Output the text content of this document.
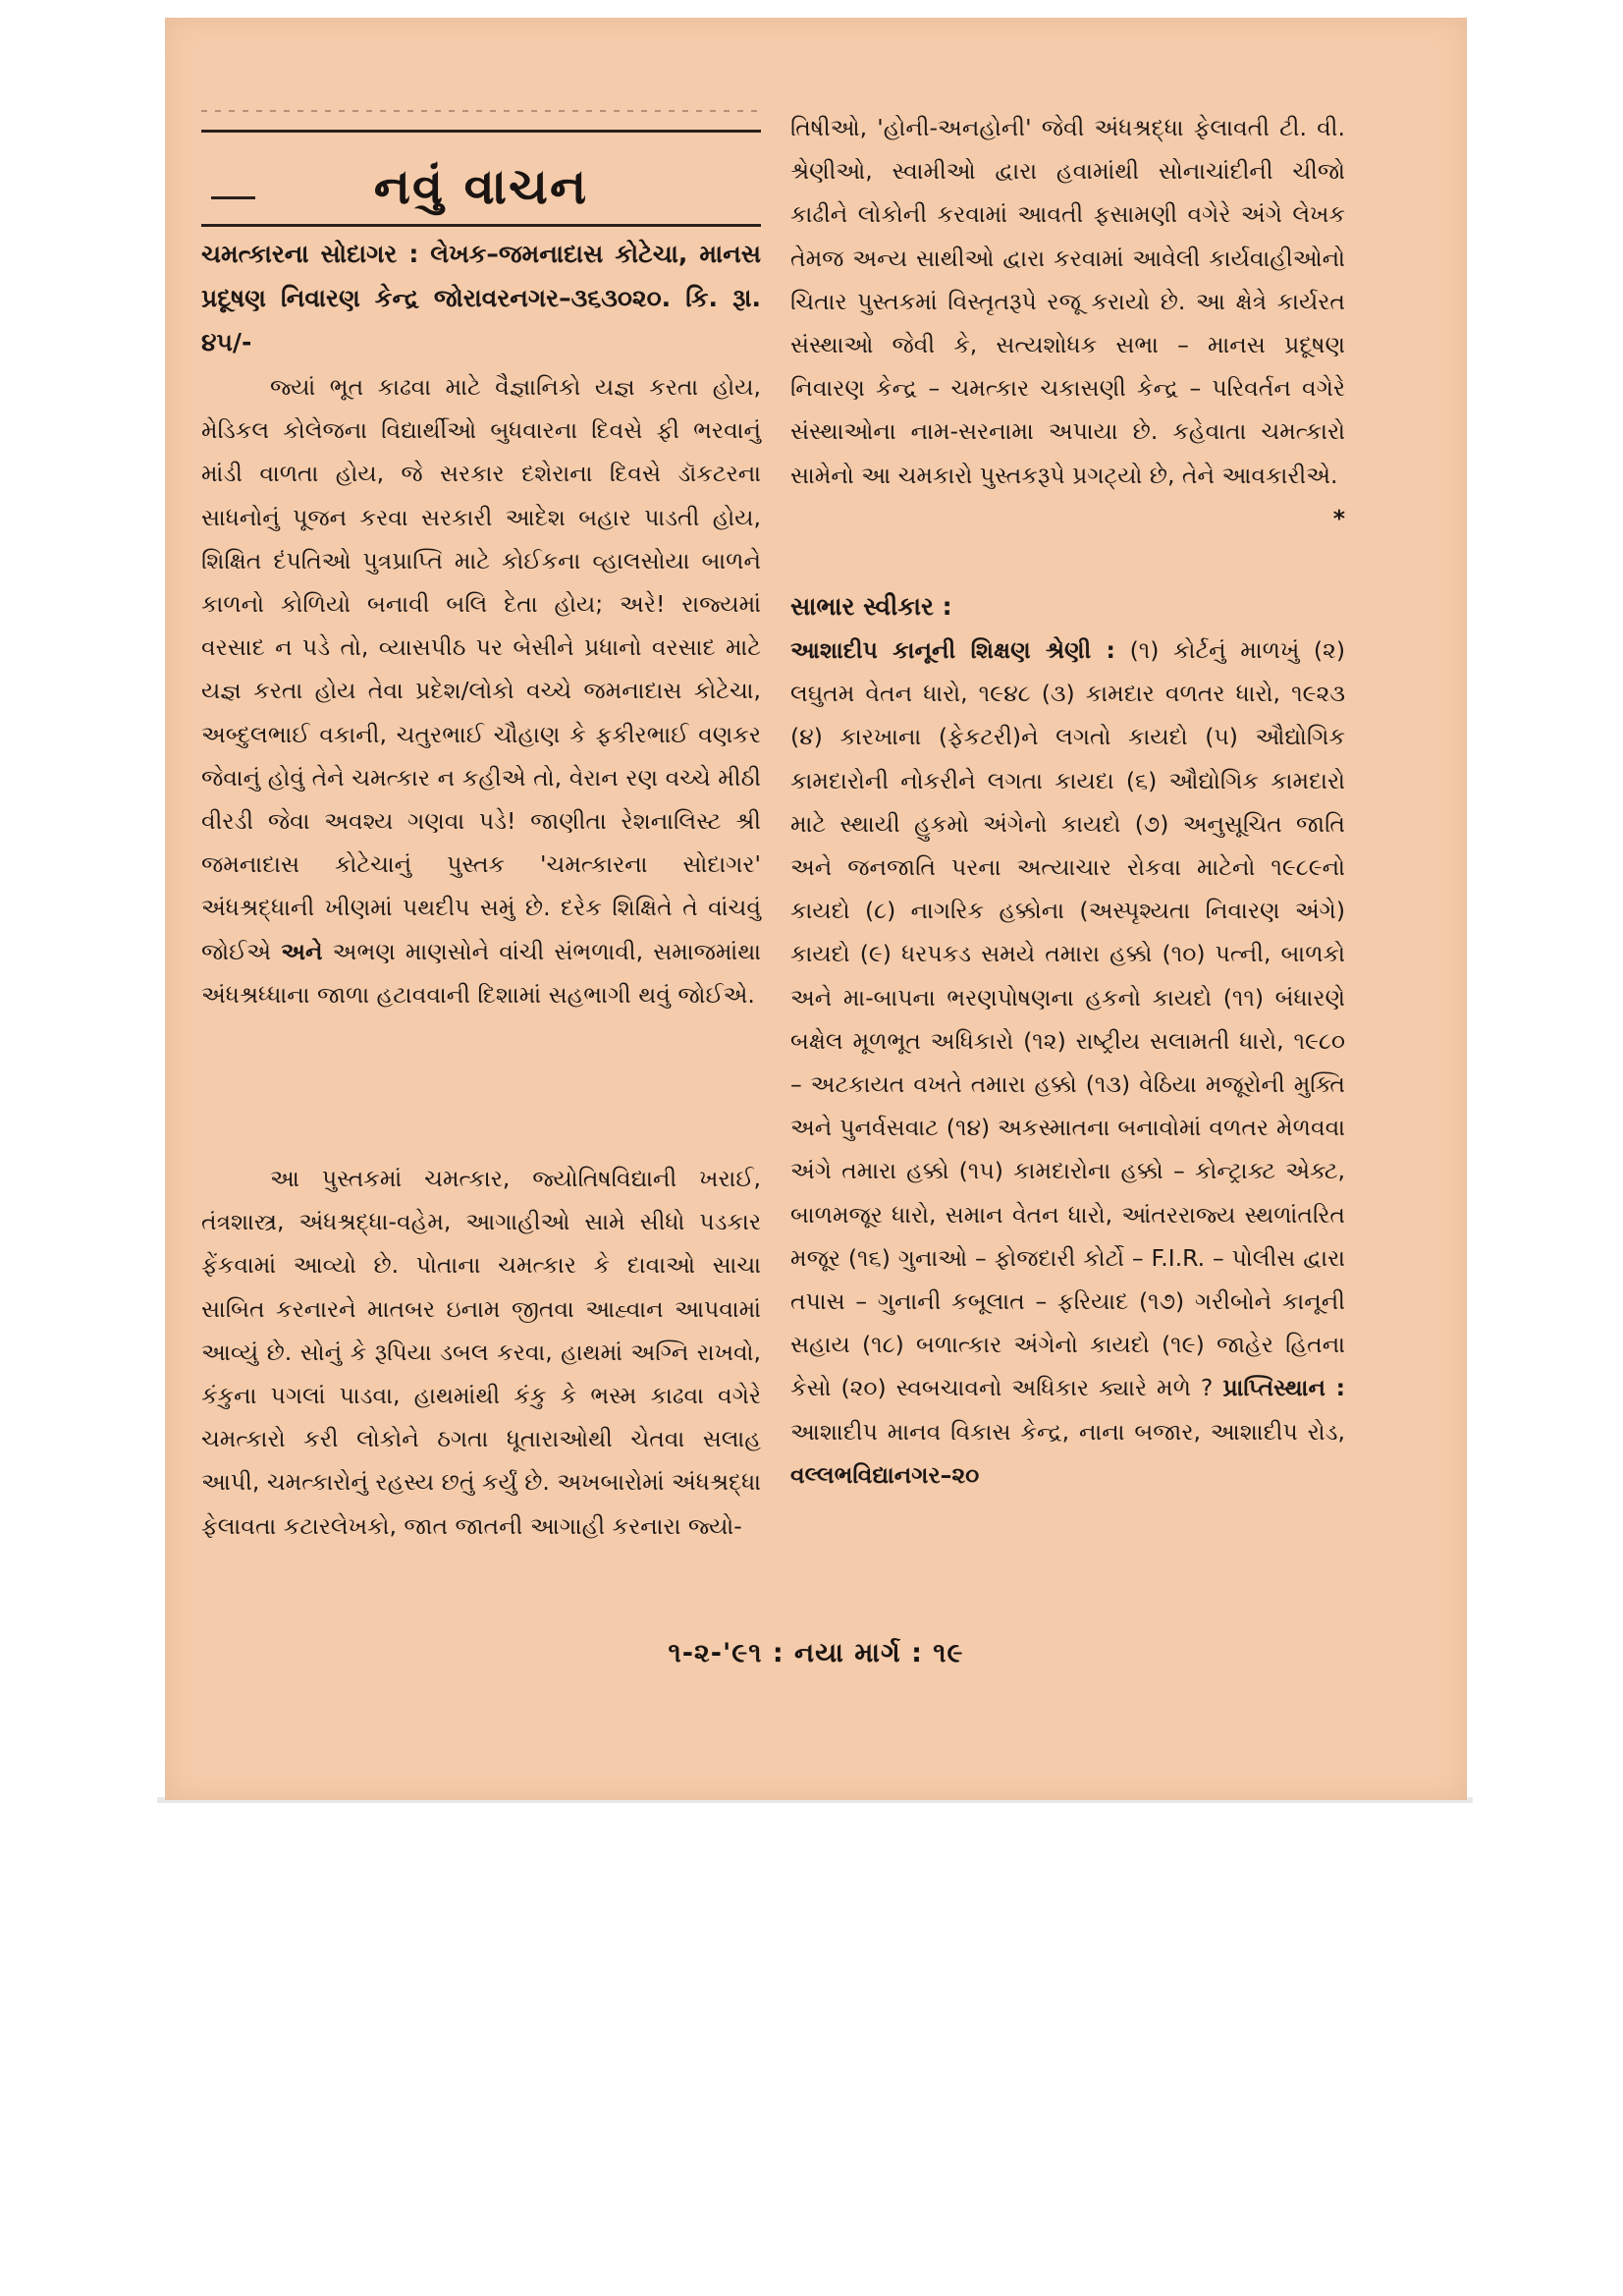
નવું વાચન
ચમત્કારના સોદાગર : લેખક–જમનાદાસ કોટેચા, માનસ પ્રદૂષણ નિવારણ કેન્દ્ર જોરાવરનગર–૩૬૩૦૨૦. કિ. રૂા. ૪૫/-
જ્યાં ભૂત કાઢવા માટે વૈજ્ઞાનિકો યજ્ઞ કરતા હોય, મેડિકલ કોલેજના વિદ્યાર્થીઓ બુધવારના દિવસે ફી ભરવાનું માંડી વાળતા હોય, જે સરકાર દશેરાના દિવસે ડૉકટરના સાધનોનું પૂજન કરવા સરકારી આદેશ બહાર પાડતી હોય, શિક્ષિત દંપતિઓ પુત્રપ્રાપ્તિ માટે કોઈકના વ્હાલસોયા બાળને કાળનો કોળિયો બનાવી બલિ દેતા હોય; અરે! રાજ્યમાં વરસાદ ન પડે તો, વ્યાસપીઠ પર બેસીને પ્રધાનો વરસાદ માટે યજ્ઞ કરતા હોય તેવા પ્રદેશ/લોકો વચ્ચે જમનાદાસ કોટેચા, અબ્દુલભાઈ વકાની, ચતુરભાઈ ચૌહાણ કે ફકીરભાઈ વણકર જેવાનું હોવું તેને ચમત્કાર ન કહીએ તો, વેરાન રણ વચ્ચે મીઠી વીરડી જેવા અવશ્ય ગણવા પડે! જાણીતા રેશનાલિસ્ટ શ્રી જમનાદાસ કોટેચાનું પુસ્તક 'ચમત્કારના સોદાગર' અંધશ્રદ્ધાની ખીણમાં પથદીપ સમું છે. દરેક શિક્ષિતે તે વાંચવું જોઈએ અને અભણ માણસોને વાંચી સંભળાવી, સમાજમાંથા અંધશ્રધ્ધાના જાળા હટાવવાની દિશામાં સહભાગી થવું જોઈએ.
આ પુસ્તકમાં ચમત્કાર, જ્યોતિષવિદ્યાની ખરાઈ, તંત્રશાસ્ત્ર, અંધશ્રદ્ધા-વહેમ, આગાહીઓ સામે સીધો પડકાર ફેંકવામાં આવ્યો છે. પોતાના ચમત્કાર કે દાવાઓ સાચા સાબિત કરનારને માતબર ઇનામ જીતવા આહ્વાન આપવામાં આવ્યું છે. સોનું કે રૂપિયા ડબલ કરવા, હાથમાં અગ્નિ રાખવો, કંકુના પગલાં પાડવા, હાથમાંથી કંકુ કે ભસ્મ કાઢવા વગેરે ચમત્કારો કરી લોકોને ઠગતા ધૂતારાઓથી ચેતવા સલાહ આપી, ચમત્કારોનું રહસ્ય છતું કર્યું છે. અખબારોમાં અંધશ્રદ્ધા ફેલાવતા કટારલેખકો, જાત જાતની આગાહી કરનારા જ્યો-
તિષીઓ, 'હોની-અનહોની' જેવી અંધશ્રદ્ધા ફેલાવતી ટી. વી. શ્રેણીઓ, સ્વામીઓ દ્વારા હવામાંથી સોનાચાંદીની ચીજો કાઢીને લોકોની કરવામાં આવતી ફસામણી વગેરે અંગે લેખક તેમજ અન્ય સાથીઓ દ્વારા કરવામાં આવેલી કાર્યવાહીઓનો ચિતાર પુસ્તકમાં વિસ્તૃતરૂપે રજૂ કરાયો છે. આ ક્ષેત્રે કાર્યરત સંસ્થાઓ જેવી કે, સત્યશોધક સભા – માનસ પ્રદૂષણ નિવારણ કેન્દ્ર – ચમત્કાર ચકાસણી કેન્દ્ર – પરિવર્તન વગેરે સંસ્થાઓના નામ-સરનામા અપાયા છે. કહેવાતા ચમત્કારો સામેનો આ ચમકારો પુસ્તકરૂપે પ્રગટ્યો છે, તેને આવકારીએ.
*
સાભાર સ્વીકાર :
આશાદીપ કાનૂની શિક્ષણ શ્રેણી : (૧) કોર્ટનું માળખું (૨) લઘુતમ વેતન ધારો, ૧૯૪૮ (૩) કામદાર વળતર ધારો, ૧૯૨૩ (૪) કારખાના (ફેકટરી)ને લગતો કાયદો (૫) ઔદ્યોગિક કામદારોની નોકરીને લગતા કાયદા (૬) ઔદ્યોગિક કામદારો માટે સ્થાયી હુકમો અંગેનો કાયદો (૭) અનુસૂચિત જાતિ અને જનજાતિ પરના અત્યાચાર રોકવા માટેનો ૧૯૮૯નો કાયદો (૮) નાગરિક હક્કોના (અસ્પૃશ્યતા નિવારણ અંગે) કાયદો (૯) ધરપકડ સમયે તમારા હક્કો (૧૦) પત્ની, બાળકો અને મા-બાપના ભરણપોષણના હકનો કાયદો (૧૧) બંધારણે બક્ષેલ મૂળભૂત અધિકારો (૧૨) રાષ્ટ્રીય સલામતી ધારો, ૧૯૮૦ – અટકાયત વખતે તમારા હક્કો (૧૩) વેઠિયા મજૂરોની મુક્તિ અને પુનર્વસવાટ (૧૪) અકસ્માતના બનાવોમાં વળતર મેળવવા અંગે તમારા હક્કો (૧૫) કામદારોના હક્કો – કોન્ટ્રાક્ટ એક્ટ, બાળમજૂર ધારો, સમાન વેતન ધારો, આંતરરાજ્ય સ્થળાંતરિત મજૂર (૧૬) ગુનાઓ – ફોજદારી કોર્ટો – F.I.R. – પોલીસ દ્વારા તપાસ – ગુનાની કબૂલાત – ફરિયાદ (૧૭) ગરીબોને કાનૂની સહાય (૧૮) બળાત્કાર અંગેનો કાયદો (૧૯) જાહેર હિતના કેસો (૨૦) સ્વબચાવનો અધિકાર ક્યારે મળે ? પ્રાપ્તિસ્થાન : આશાદીપ માનવ વિકાસ કેન્દ્ર, નાના બજાર, આશાદીપ રોડ, વલ્લભવિદ્યાનગર–૨૦
૧-૨-'૯૧ : નયા માર્ગ : ૧૯
